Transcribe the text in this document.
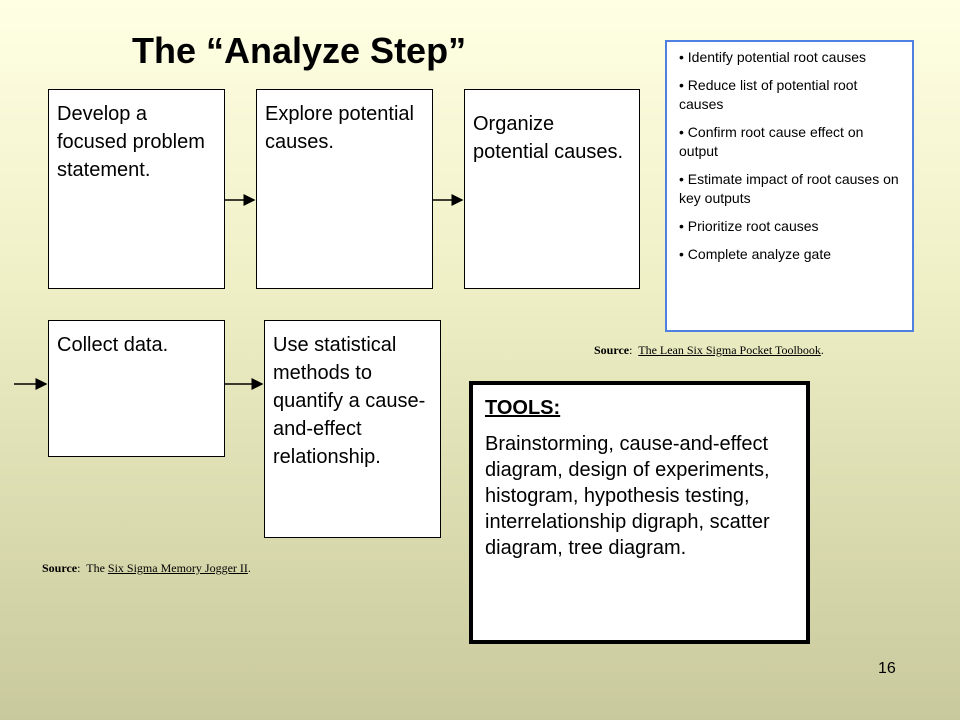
The “Analyze Step”
Develop a focused problem statement.
Explore potential causes.
Organize potential causes.
Collect data.	Use statistical methods to quantify a cause-and-effect relationship.
• Identify potential root causes
• Reduce list of potential root causes
• Confirm root cause effect on output
• Estimate impact of root causes on key outputs
• Prioritize root causes
• Complete analyze gate
Source:  The Lean Six Sigma Pocket Toolbook.
Source:  The Six Sigma Memory Jogger II.
TOOLS:
Brainstorming, cause-and-effect diagram, design of experiments, histogram, hypothesis testing, interrelationship digraph, scatter diagram, tree diagram.
16
